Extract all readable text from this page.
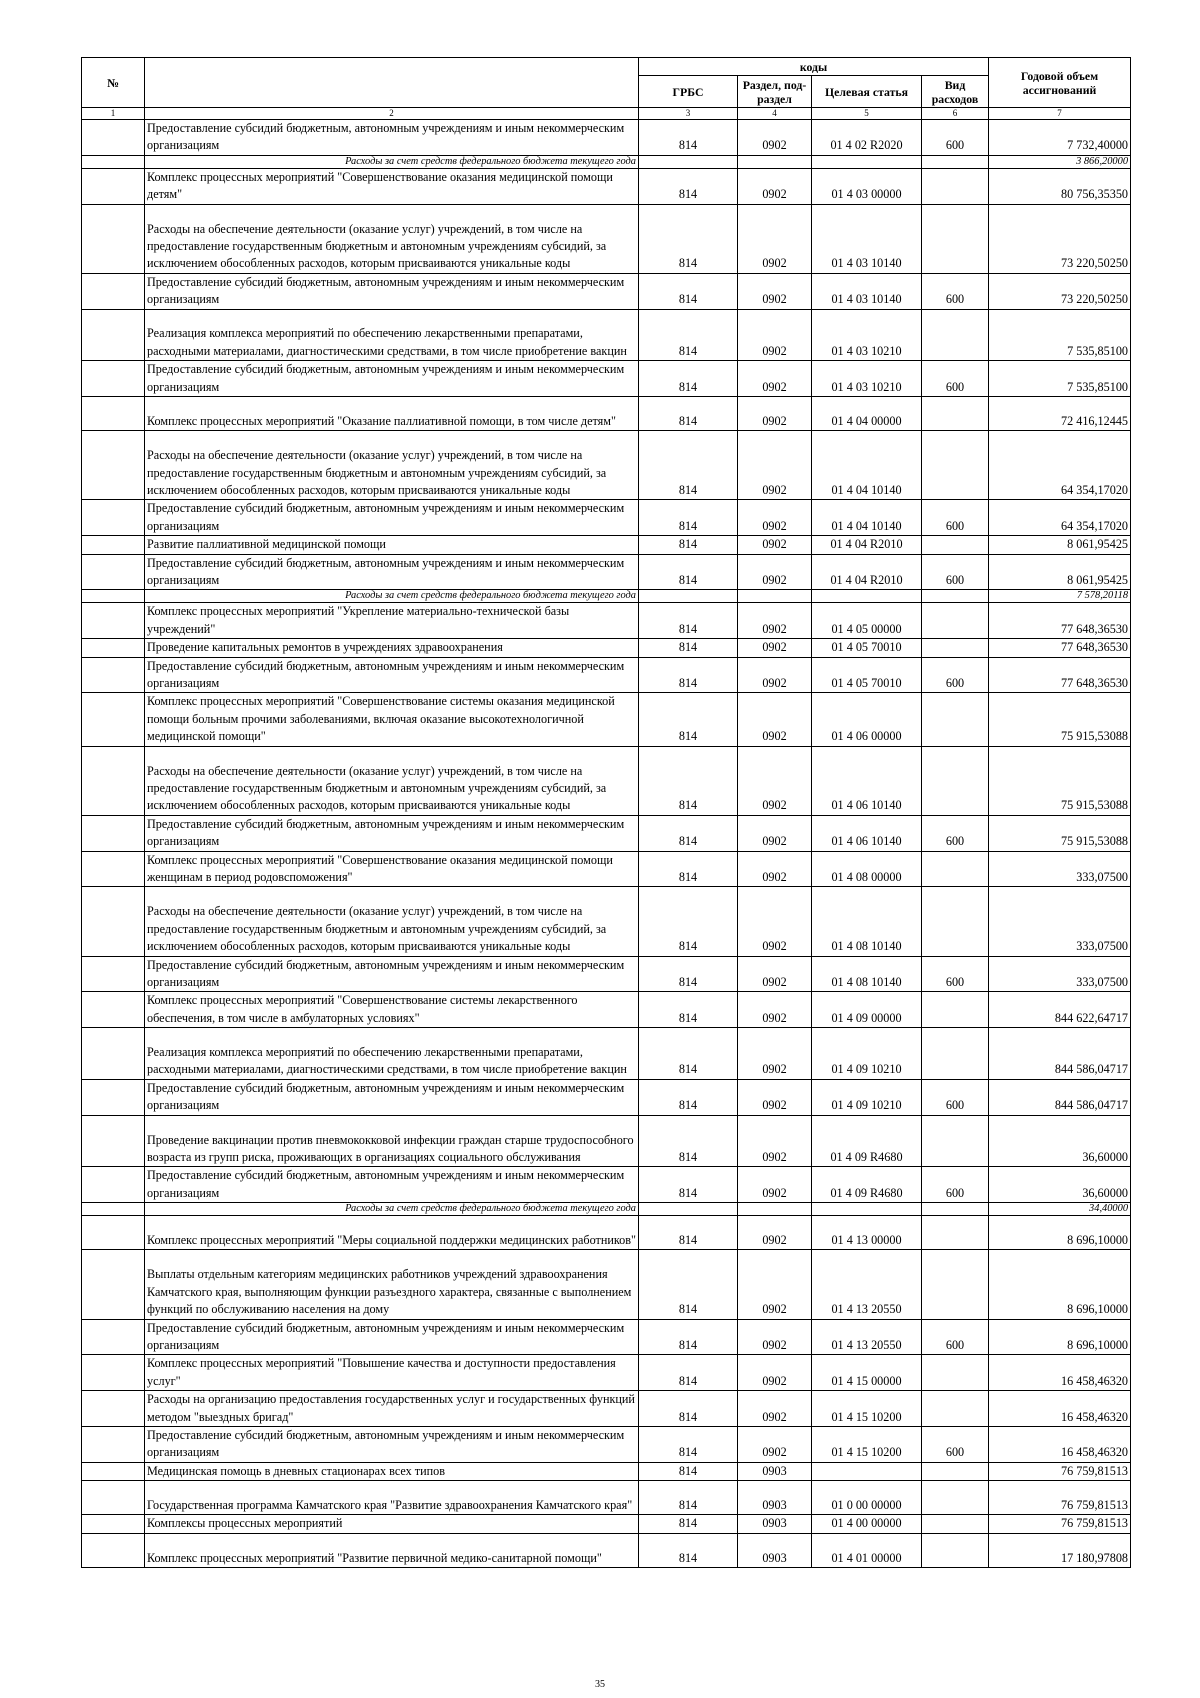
№		коды				Годовой объем ассигнований
		ГРБС	Раздел, под-раздел	Целевая статья	Вид расходов	
1	2	3	4	5	6	7
	Предоставление субсидий бюджетным, автономным учреждениям и иным некоммерческим организациям	814	0902	01 4 02 R2020	600	7 732,40000
	Расходы за счет средств федерального бюджета текущего года					3 866,20000
	Комплекс процессных мероприятий "Совершенствование оказания медицинской помощи детям"	814	0902	01 4 03 00000		80 756,35350
	Расходы на обеспечение деятельности (оказание услуг) учреждений, в том числе на предоставление государственным бюджетным и автономным учреждениям субсидий, за исключением обособленных расходов, которым присваиваются уникальные коды	814	0902	01 4 03 10140		73 220,50250
	Предоставление субсидий бюджетным, автономным учреждениям и иным некоммерческим организациям	814	0902	01 4 03 10140	600	73 220,50250
	Реализация комплекса мероприятий по обеспечению лекарственными препаратами, расходными материалами, диагностическими средствами, в том числе приобретение вакцин	814	0902	01 4 03 10210		7 535,85100
	Предоставление субсидий бюджетным, автономным учреждениям и иным некоммерческим организациям	814	0902	01 4 03 10210	600	7 535,85100
	Комплекс процессных мероприятий "Оказание паллиативной помощи, в том числе детям"	814	0902	01 4 04 00000		72 416,12445
	Расходы на обеспечение деятельности (оказание услуг) учреждений, в том числе на предоставление государственным бюджетным и автономным учреждениям субсидий, за исключением обособленных расходов, которым присваиваются уникальные коды	814	0902	01 4 04 10140		64 354,17020
	Предоставление субсидий бюджетным, автономным учреждениям и иным некоммерческим организациям	814	0902	01 4 04 10140	600	64 354,17020
	Развитие паллиативной медицинской помощи	814	0902	01 4 04 R2010		8 061,95425
	Предоставление субсидий бюджетным, автономным учреждениям и иным некоммерческим организациям	814	0902	01 4 04 R2010	600	8 061,95425
	Расходы за счет средств федерального бюджета текущего года					7 578,20118
	Комплекс процессных мероприятий "Укрепление материально-технической базы учреждений"	814	0902	01 4 05 00000		77 648,36530
	Проведение капитальных ремонтов в учреждениях здравоохранения	814	0902	01 4 05 70010		77 648,36530
	Предоставление субсидий бюджетным, автономным учреждениям и иным некоммерческим организациям	814	0902	01 4 05 70010	600	77 648,36530
	Комплекс процессных мероприятий "Совершенствование системы оказания медицинской помощи больным прочими заболеваниями, включая оказание высокотехнологичной медицинской помощи"	814	0902	01 4 06 00000		75 915,53088
	Расходы на обеспечение деятельности (оказание услуг) учреждений, в том числе на предоставление государственным бюджетным и автономным учреждениям субсидий, за исключением обособленных расходов, которым присваиваются уникальные коды	814	0902	01 4 06 10140		75 915,53088
	Предоставление субсидий бюджетным, автономным учреждениям и иным некоммерческим организациям	814	0902	01 4 06 10140	600	75 915,53088
	Комплекс процессных мероприятий "Совершенствование оказания медицинской помощи женщинам в период родовспоможения"	814	0902	01 4 08 00000		333,07500
	Расходы на обеспечение деятельности (оказание услуг) учреждений, в том числе на предоставление государственным бюджетным и автономным учреждениям субсидий, за исключением обособленных расходов, которым присваиваются уникальные коды	814	0902	01 4 08 10140		333,07500
	Предоставление субсидий бюджетным, автономным учреждениям и иным некоммерческим организациям	814	0902	01 4 08 10140	600	333,07500
	Комплекс процессных мероприятий "Совершенствование системы лекарственного обеспечения, в том числе в амбулаторных условиях"	814	0902	01 4 09 00000		844 622,64717
	Реализация комплекса мероприятий по обеспечению лекарственными препаратами, расходными материалами, диагностическими средствами, в том числе приобретение вакцин	814	0902	01 4 09 10210		844 586,04717
	Предоставление субсидий бюджетным, автономным учреждениям и иным некоммерческим организациям	814	0902	01 4 09 10210	600	844 586,04717
	Проведение вакцинации против пневмококковой инфекции граждан старше трудоспособного возраста из групп риска, проживающих в организациях социального обслуживания	814	0902	01 4 09 R4680		36,60000
	Предоставление субсидий бюджетным, автономным учреждениям и иным некоммерческим организациям	814	0902	01 4 09 R4680	600	36,60000
	Расходы за счет средств федерального бюджета текущего года					34,40000
	Комплекс процессных мероприятий "Меры социальной поддержки медицинских работников"	814	0902	01 4 13 00000		8 696,10000
	Выплаты отдельным категориям медицинских работников учреждений здравоохранения Камчатского края, выполняющим функции разъездного характера, связанные с выполнением функций по обслуживанию населения на дому	814	0902	01 4 13 20550		8 696,10000
	Предоставление субсидий бюджетным, автономным учреждениям и иным некоммерческим организациям	814	0902	01 4 13 20550	600	8 696,10000
	Комплекс процессных мероприятий "Повышение качества и доступности предоставления услуг"	814	0902	01 4 15 00000		16 458,46320
	Расходы на организацию предоставления государственных услуг и государственных функций методом "выездных бригад"	814	0902	01 4 15 10200		16 458,46320
	Предоставление субсидий бюджетным, автономным учреждениям и иным некоммерческим организациям	814	0902	01 4 15 10200	600	16 458,46320
	Медицинская помощь в дневных стационарах всех типов	814	0903			76 759,81513
	Государственная программа Камчатского края "Развитие здравоохранения Камчатского края"	814	0903	01 0 00 00000		76 759,81513
	Комплексы процессных мероприятий	814	0903	01 4 00 00000		76 759,81513
	Комплекс процессных мероприятий "Развитие первичной медико-санитарной помощи"	814	0903	01 4 01 00000		17 180,97808
35
